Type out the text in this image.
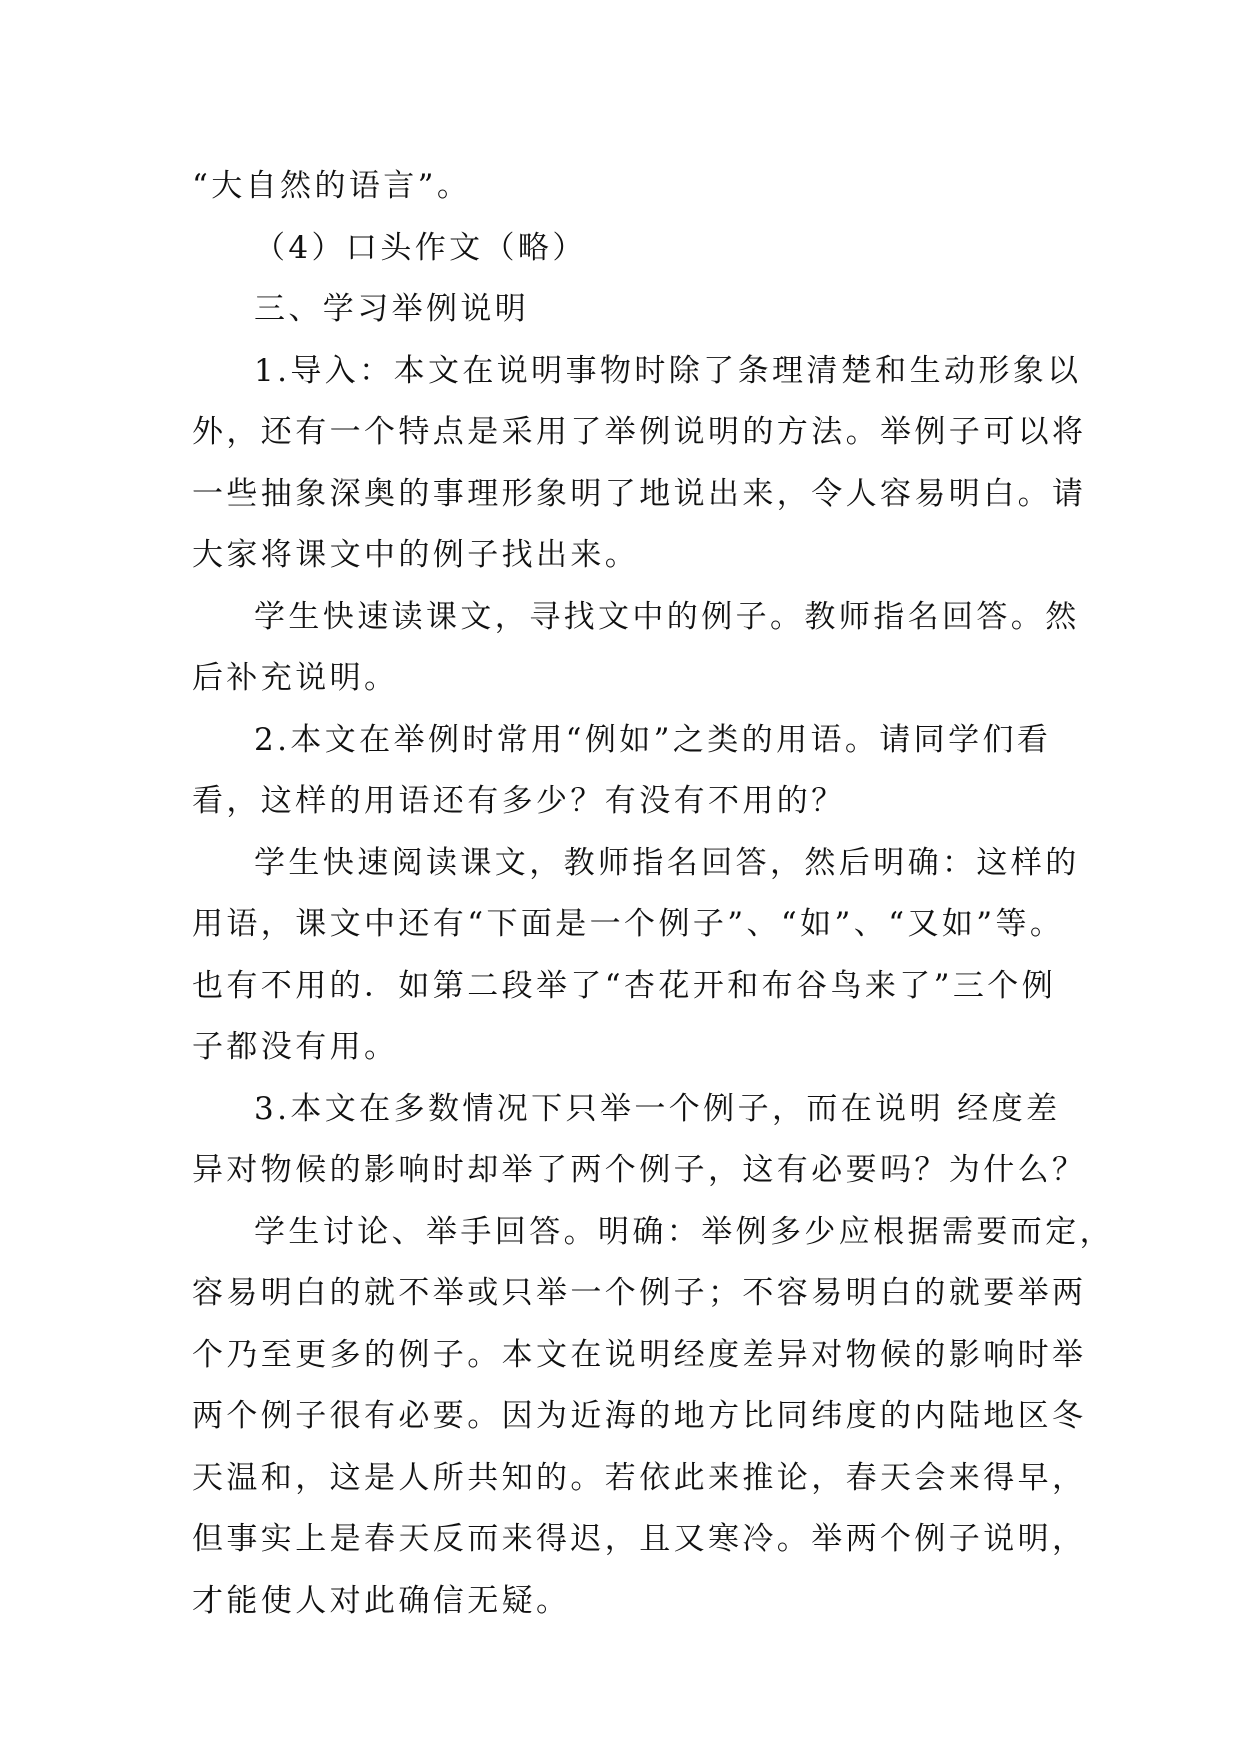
“大自然的语言”。
（4）口头作文（略）
三、学习举例说明
1.导入：本文在说明事物时除了条理清楚和生动形象以
外，还有一个特点是采用了举例说明的方法。举例子可以将
一些抽象深奥的事理形象明了地说出来，令人容易明白。请
大家将课文中的例子找出来。
学生快速读课文，寻找文中的例子。教师指名回答。然
后补充说明。
2.本文在举例时常用“例如”之类的用语。请同学们看
看，这样的用语还有多少？有没有不用的？
学生快速阅读课文，教师指名回答，然后明确：这样的
用语，课文中还有“下面是一个例子”、“如”、“又如”等。
也有不用的．如第二段举了“杏花开和布谷鸟来了”三个例
子都没有用。
3.本文在多数情况下只举一个例子，而在说明 经度差
异对物候的影响时却举了两个例子，这有必要吗？为什么？
学生讨论、举手回答。明确：举例多少应根据需要而定，
容易明白的就不举或只举一个例子；不容易明白的就要举两
个乃至更多的例子。本文在说明经度差异对物候的影响时举
两个例子很有必要。因为近海的地方比同纬度的内陆地区冬
天温和，这是人所共知的。若依此来推论，春天会来得早，
但事实上是春天反而来得迟，且又寒冷。举两个例子说明，
才能使人对此确信无疑。
